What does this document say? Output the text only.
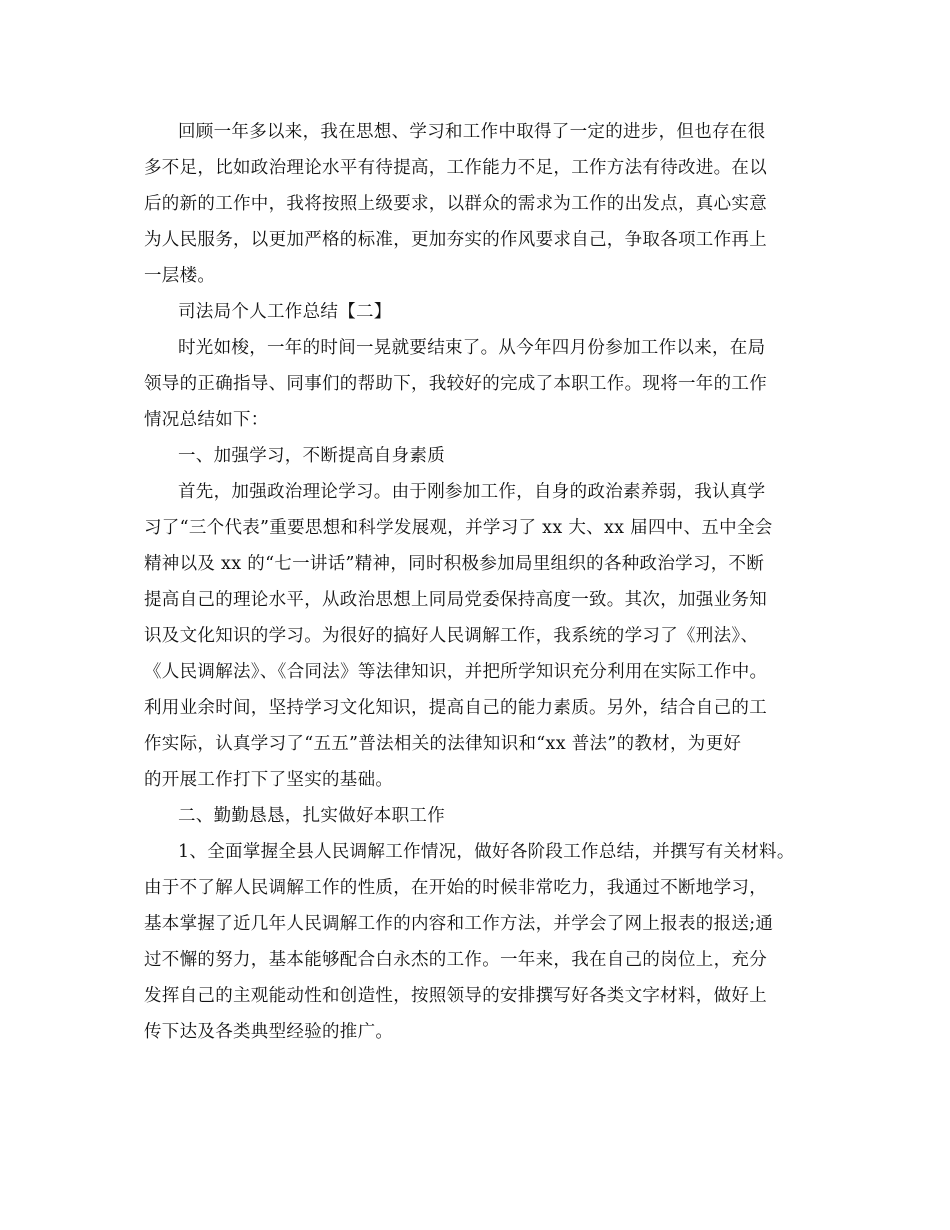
回顾一年多以来，我在思想、学习和工作中取得了一定的进步，但也存在很
多不足，比如政治理论水平有待提高，工作能力不足，工作方法有待改进。在以
后的新的工作中，我将按照上级要求，以群众的需求为工作的出发点，真心实意
为人民服务，以更加严格的标准，更加夯实的作风要求自己，争取各项工作再上
一层楼。
司法局个人工作总结【二】
时光如梭，一年的时间一晃就要结束了。从今年四月份参加工作以来，在局
领导的正确指导、同事们的帮助下，我较好的完成了本职工作。现将一年的工作
情况总结如下：
一、加强学习，不断提高自身素质
首先，加强政治理论学习。由于刚参加工作，自身的政治素养弱，我认真学
习了“三个代表”重要思想和科学发展观，并学习了 xx 大、xx 届四中、五中全会
精神以及 xx 的“七一讲话”精神，同时积极参加局里组织的各种政治学习，不断
提高自己的理论水平，从政治思想上同局党委保持高度一致。其次，加强业务知
识及文化知识的学习。为很好的搞好人民调解工作，我系统的学习了《刑法》、
《人民调解法》、《合同法》等法律知识，并把所学知识充分利用在实际工作中。
利用业余时间，坚持学习文化知识，提高自己的能力素质。另外，结合自己的工
作实际，认真学习了“五五”普法相关的法律知识和“xx 普法”的教材，为更好
的开展工作打下了坚实的基础。
二、勤勤恳恳，扎实做好本职工作
1、全面掌握全县人民调解工作情况，做好各阶段工作总结，并撰写有关材料。
由于不了解人民调解工作的性质，在开始的时候非常吃力，我通过不断地学习，
基本掌握了近几年人民调解工作的内容和工作方法，并学会了网上报表的报送;通
过不懈的努力，基本能够配合白永杰的工作。一年来，我在自己的岗位上，充分
发挥自己的主观能动性和创造性，按照领导的安排撰写好各类文字材料，做好上
传下达及各类典型经验的推广。
